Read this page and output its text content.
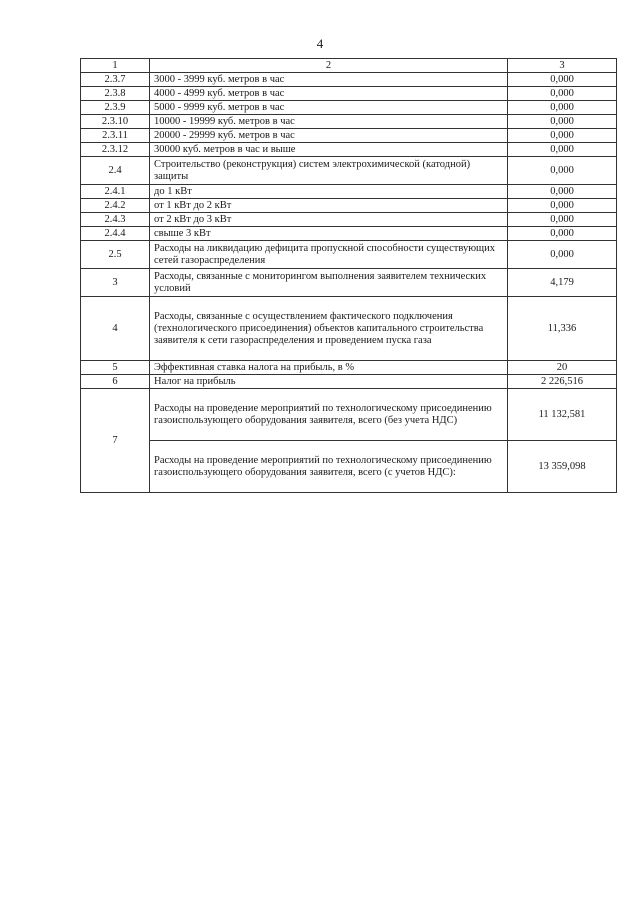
4
1	2	3
2.3.7	3000 - 3999 куб. метров в час	0,000
2.3.8	4000 - 4999 куб. метров в час	0,000
2.3.9	5000 - 9999 куб. метров в час	0,000
2.3.10	10000 - 19999 куб. метров в час	0,000
2.3.11	20000 - 29999 куб. метров в час	0,000
2.3.12	30000 куб. метров в час и выше	0,000
2.4	Строительство (реконструкция) систем электрохимической (катодной) защиты	0,000
2.4.1	до 1 кВт	0,000
2.4.2	от 1 кВт до 2 кВт	0,000
2.4.3	от 2 кВт до 3 кВт	0,000
2.4.4	свыше 3 кВт	0,000
2.5	Расходы на ликвидацию дефицита пропускной способности существующих сетей газораспределения	0,000
3	Расходы, связанные с мониторингом выполнения заявителем технических условий	4,179
4	Расходы, связанные с осуществлением фактического подключения (технологического присоединения) объектов капитального строительства заявителя к сети газораспределения и проведением пуска газа	11,336
5	Эффективная ставка налога на прибыль, в %	20
6	Налог на прибыль	2 226,516
7	Расходы на проведение мероприятий по технологическому присоединению газоиспользующего оборудования заявителя, всего (без учета НДС)	11 132,581
	Расходы на проведение мероприятий по технологическому присоединению газоиспользующего оборудования заявителя, всего (с учетов НДС):	13 359,098
